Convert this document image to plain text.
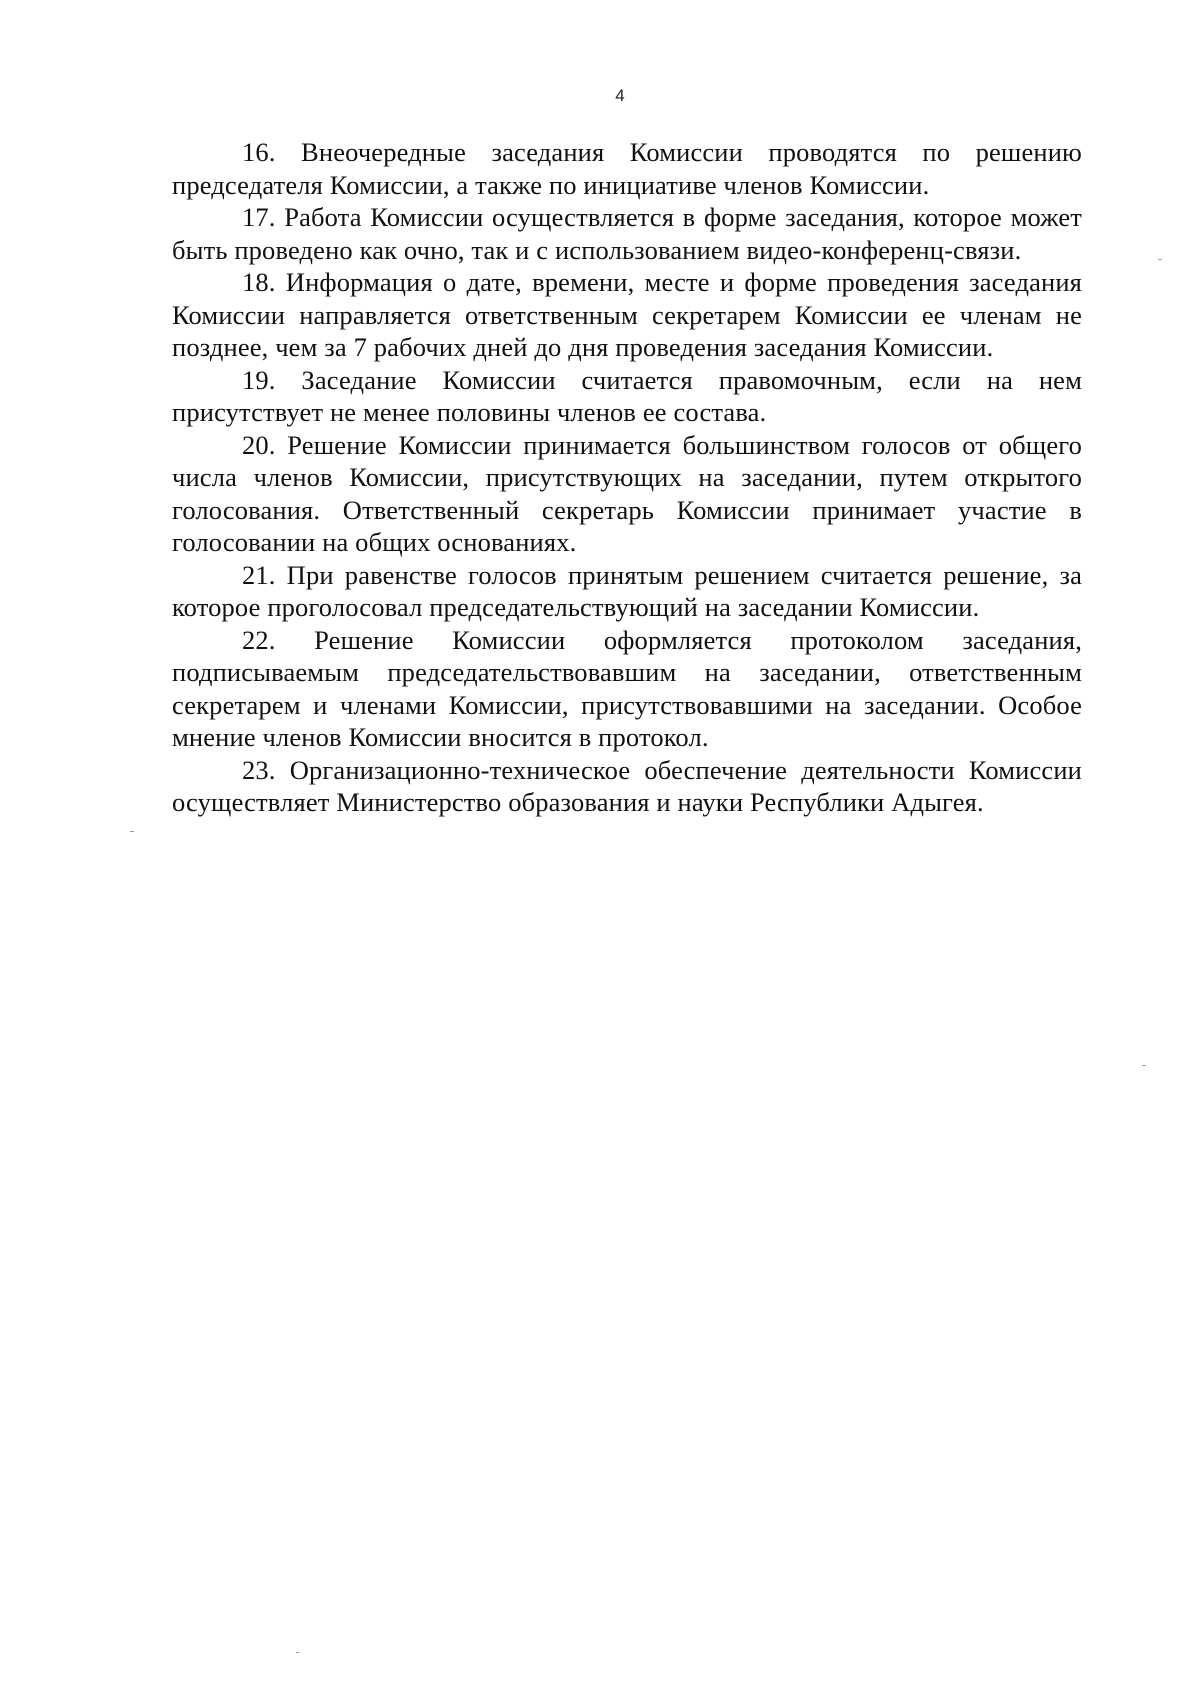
4

16. Внеочередные заседания Комиссии проводятся по решению председателя Комиссии, а также по инициативе членов Комиссии.

17. Работа Комиссии осуществляется в форме заседания, которое может быть проведено как очно, так и с использованием видео-конференц-связи.

18. Информация о дате, времени, месте и форме проведения заседания Комиссии направляется ответственным секретарем Комиссии ее членам не позднее, чем за 7 рабочих дней до дня проведения заседания Комиссии.

19. Заседание Комиссии считается правомочным, если на нем присутствует не менее половины членов ее состава.

20. Решение Комиссии принимается большинством голосов от общего числа членов Комиссии, присутствующих на заседании, путем открытого голосования. Ответственный секретарь Комиссии принимает участие в голосовании на общих основаниях.

21. При равенстве голосов принятым решением считается решение, за которое проголосовал председательствующий на заседании Комиссии.

22. Решение Комиссии оформляется протоколом заседания, подписываемым председательствовавшим на заседании, ответственным секретарем и членами Комиссии, присутствовавшими на заседании. Особое мнение членов Комиссии вносится в протокол.

23. Организационно-техническое обеспечение деятельности Комиссии осуществляет Министерство образования и науки Республики Адыгея.
